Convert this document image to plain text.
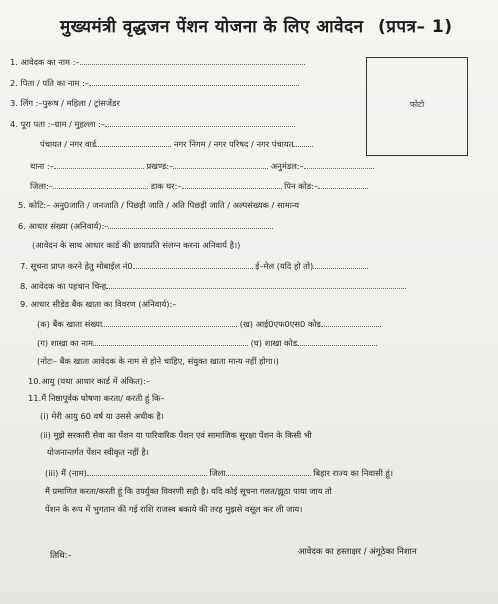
मुख्यमंत्री वृद्धजन पेंशन योजना के लिए आवेदन (प्रपत्र– 1)
फोटो
1. आवेदक का नाम :–
2. पिता / पति का नाम :–
3. लिंग :–पुरूष / महिला / ट्रांसजेंडर
4. पूरा पता :–ग्राम / मुहल्ला :–
पंचायत / नगर वार्ड	नगर निगम / नगर परिषद / नगर पंचायत
थाना :–	प्रखण्ड:–	अनुमंडल:–
जिला:–	डाक घर:–	पिन कोड:–
5. कोटि:– अनु0जाति / जनजाति / पिछड़ी जाति / अति पिछड़ी जाति / अल्पसंख्यक / सामान्य
6. आधार संख्या (अनिवार्य):–
(आवेदन के साथ आधार कार्ड की छायाप्रति संलग्न करना अनिवार्य है।)
7. सूचना प्राप्त करने हेतु मोबाईल नं0	ई–मेल (यदि हो तो)
8. आवेदक का पहचान चिन्ह
9. आधार सीडेड बैंक खाता का विवरण (अनिवार्य):–
(क) बैंक खाता संख्या	(ख) आई0एफ0एस0 कोड
(ग) शाखा का नाम	(घ) शाखा कोड
(नोटः– बैंक खाता आवेदक के नाम से होने चाहिए, संयुक्त खाता मान्य नहीं होगा।)
10.आयु (यथा आधार कार्ड में अंकित):–
11.मैं निष्ठापूर्वक घोषणा करता/ करती हूं कि–
(i) मेरी आयु 60 वर्ष या उससे अधीक है।
(ii) मुझे सरकारी सेवा का पेंशन या पारिवारिक पेंशन एवं सामाजिक सुरक्षा पेंशन के किसी भी
योजनान्तर्गत पेंशन स्वीकृत नहीं है।
(iii) मैं (नाम)	जिला	बिहार राज्य का निवासी हूं।
मैं प्रमाणित करता/करती हूं कि उपर्युक्त विवरणी सही है। यदि कोई सूचना गलत/झूठा पाया जाय तो
पेंशन के रूप में भुगतान की गई राशि राजस्व बकाये की तरह मुझसे वसूल कर ली जाय।
तिथि:–	आवेदक का हस्ताक्षर / अंगूठेका निशान
